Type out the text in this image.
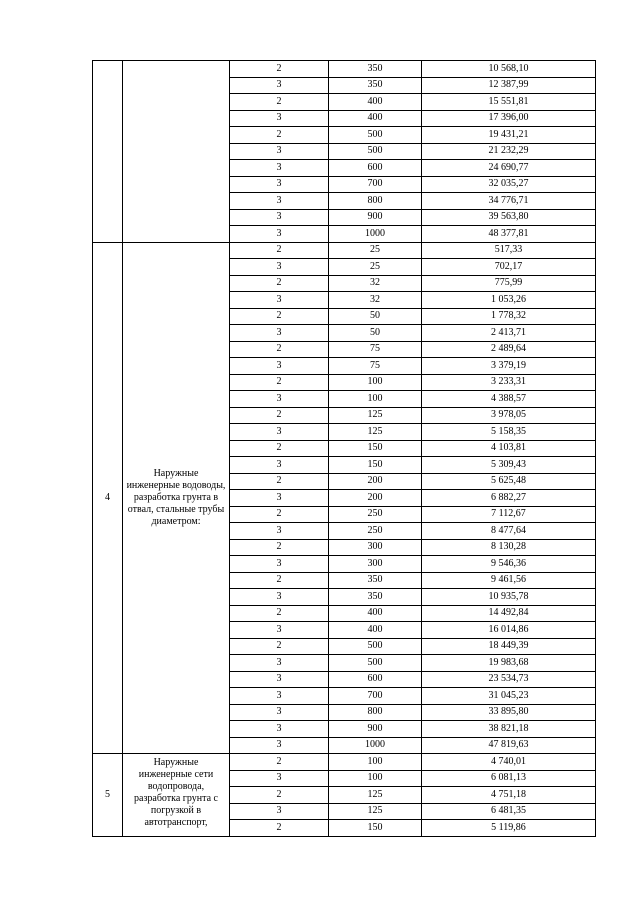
		2	350	10 568,10
		3	350	12 387,99
		2	400	15 551,81
		3	400	17 396,00
		2	500	19 431,21
		3	500	21 232,29
		3	600	24 690,77
		3	700	32 035,27
		3	800	34 776,71
		3	900	39 563,80
		3	1000	48 377,81
4	Наружные инженерные водоводы, разработка грунта в отвал, стальные трубы диаметром:	2	25	517,33
		3	25	702,17
		2	32	775,99
		3	32	1 053,26
		2	50	1 778,32
		3	50	2 413,71
		2	75	2 489,64
		3	75	3 379,19
		2	100	3 233,31
		3	100	4 388,57
		2	125	3 978,05
		3	125	5 158,35
		2	150	4 103,81
		3	150	5 309,43
		2	200	5 625,48
		3	200	6 882,27
		2	250	7 112,67
		3	250	8 477,64
		2	300	8 130,28
		3	300	9 546,36
		2	350	9 461,56
		3	350	10 935,78
		2	400	14 492,84
		3	400	16 014,86
		2	500	18 449,39
		3	500	19 983,68
		3	600	23 534,73
		3	700	31 045,23
		3	800	33 895,80
		3	900	38 821,18
		3	1000	47 819,63
5	Наружные инженерные сети водопровода, разработка грунта с погрузкой в автотранспорт,	2	100	4 740,01
		3	100	6 081,13
		2	125	4 751,18
		3	125	6 481,35
		2	150	5 119,86
